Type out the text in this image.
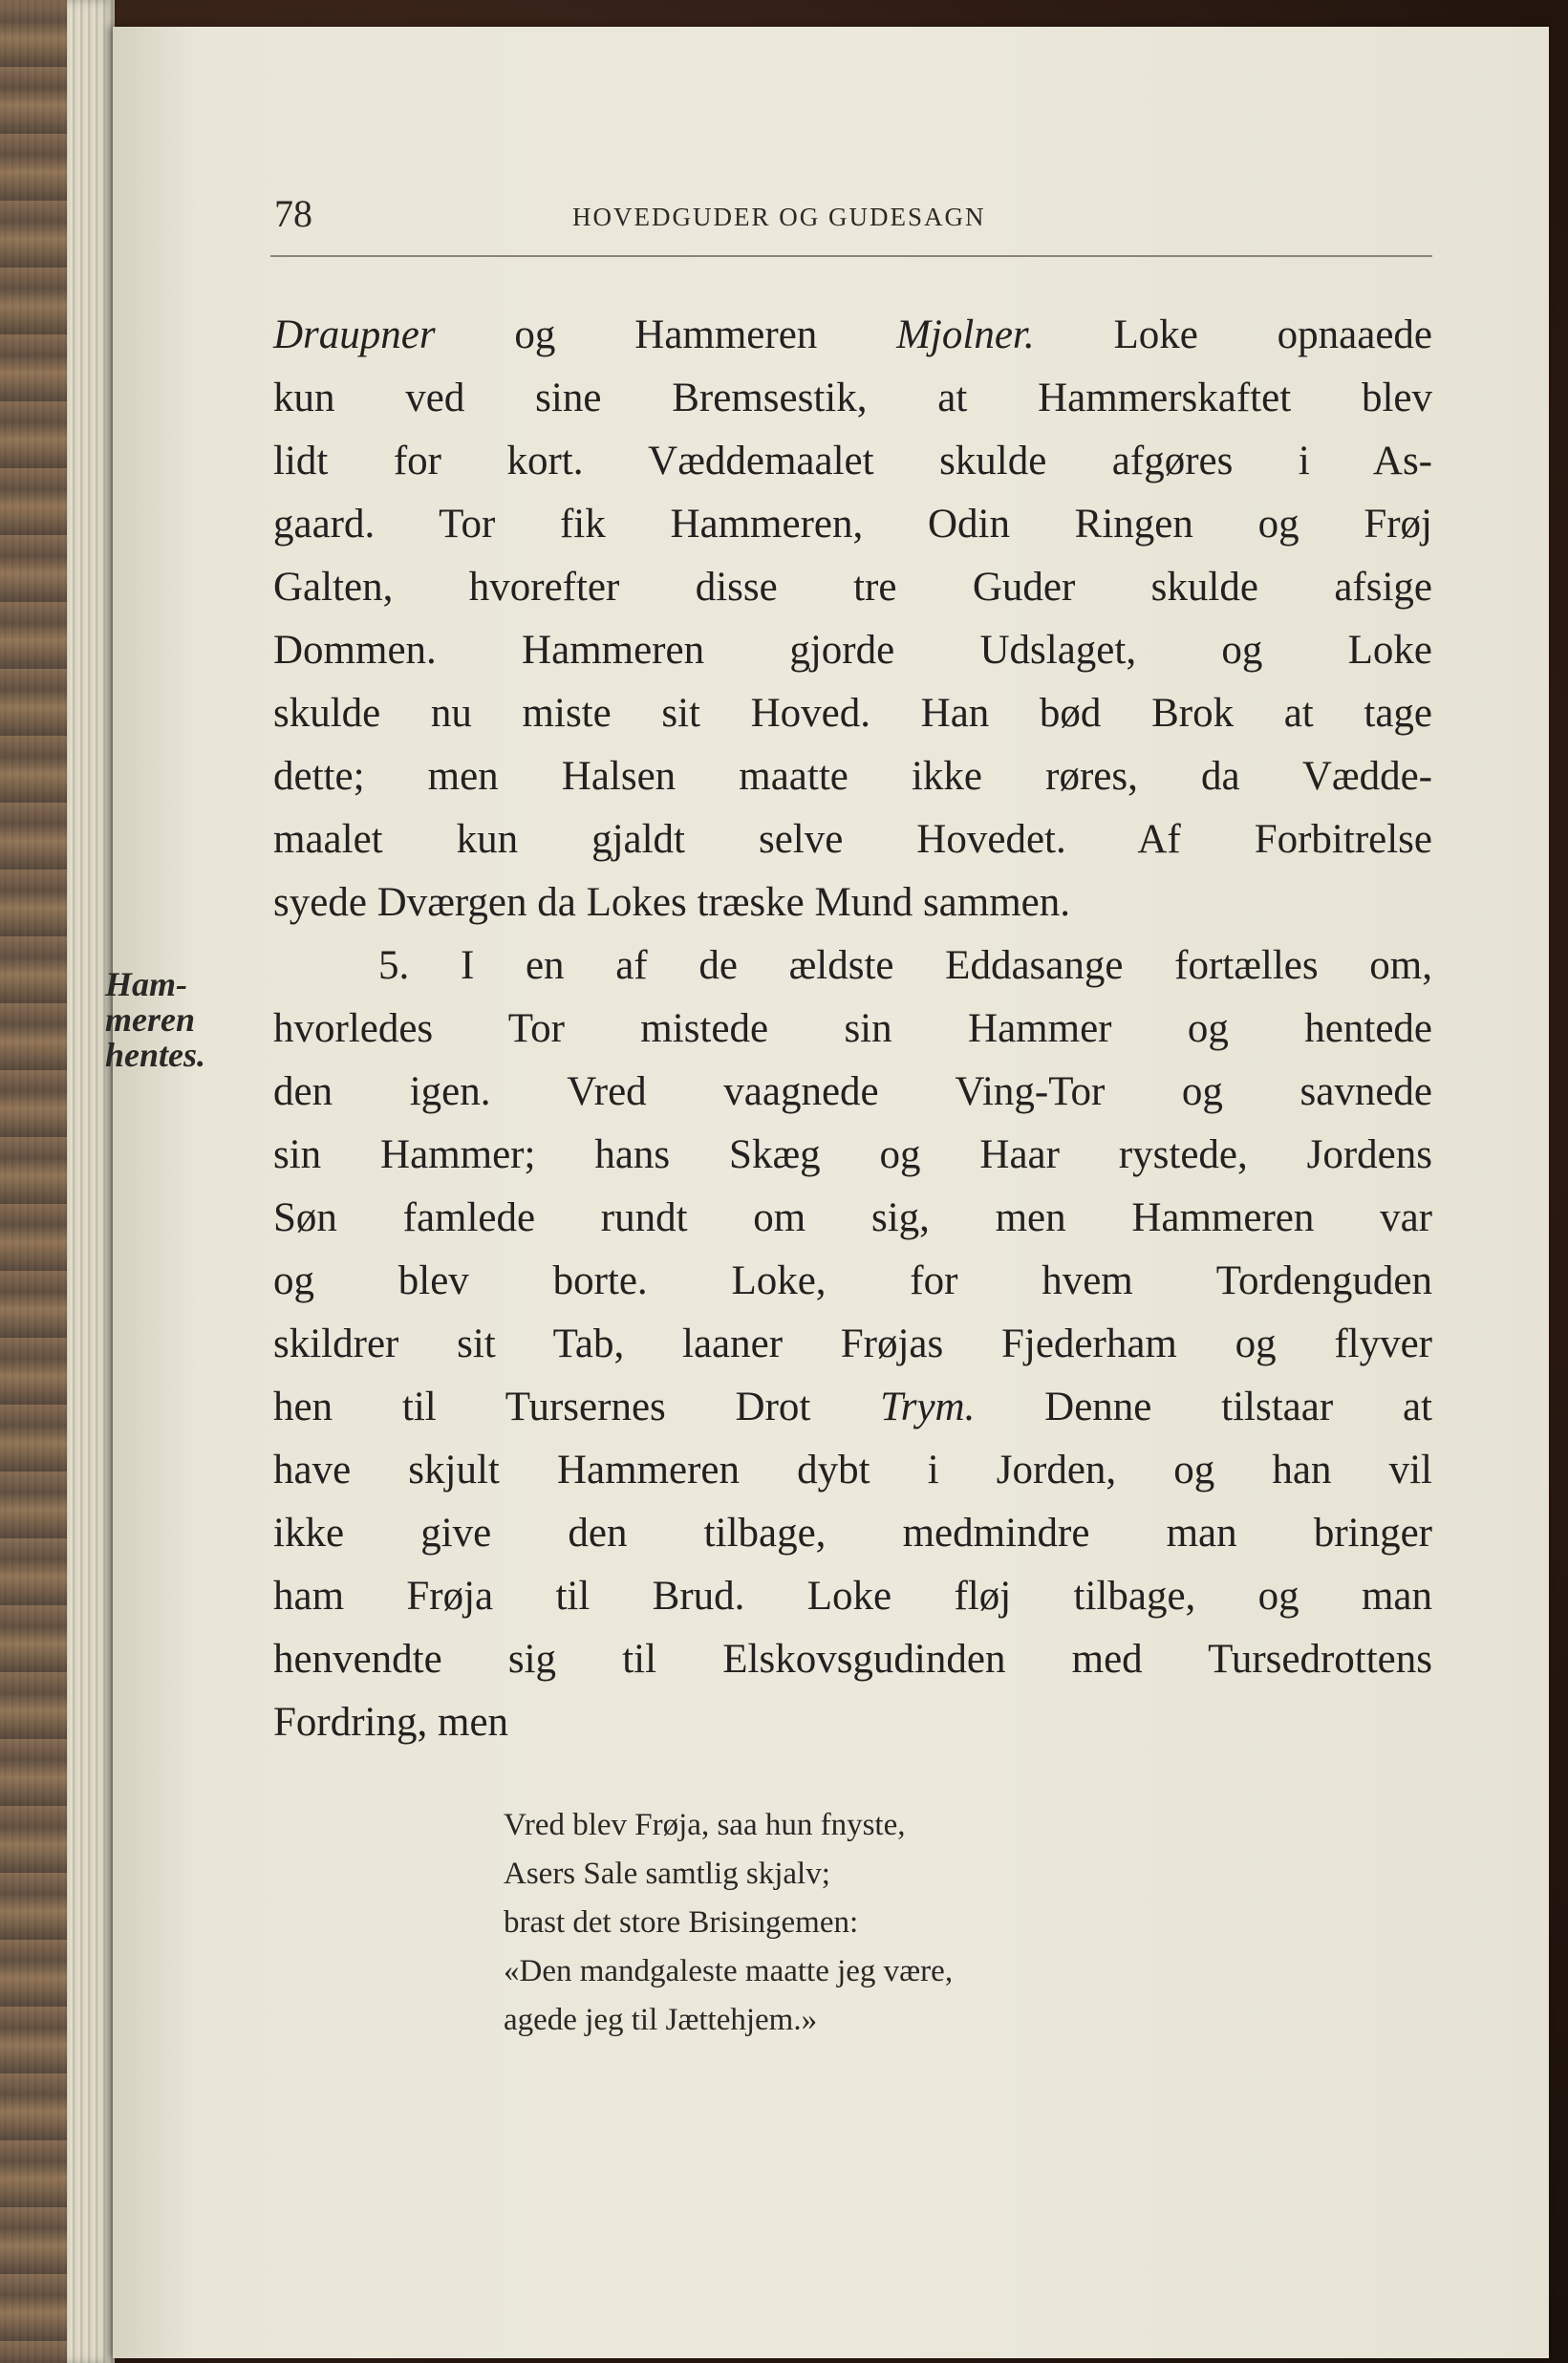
78	HOVEDGUDER OG GUDESAGN
Ham-
meren
hentes.
Draupner og Hammeren Mjolner. Loke opnaaede
kun ved sine Bremsestik, at Hammerskaftet blev
lidt for kort. Væddemaalet skulde afgøres i As-
gaard. Tor fik Hammeren, Odin Ringen og Frøj
Galten, hvorefter disse tre Guder skulde afsige
Dommen. Hammeren gjorde Udslaget, og Loke
skulde nu miste sit Hoved. Han bød Brok at tage
dette; men Halsen maatte ikke røres, da Vædde-
maalet kun gjaldt selve Hovedet. Af Forbitrelse
syede Dværgen da Lokes træske Mund sammen.
5. I en af de ældste Eddasange fortælles om,
hvorledes Tor mistede sin Hammer og hentede
den igen. Vred vaagnede Ving-Tor og savnede
sin Hammer; hans Skæg og Haar rystede, Jordens
Søn famlede rundt om sig, men Hammeren var
og blev borte. Loke, for hvem Tordenguden
skildrer sit Tab, laaner Frøjas Fjederham og flyver
hen til Tursernes Drot Trym. Denne tilstaar at
have skjult Hammeren dybt i Jorden, og han vil
ikke give den tilbage, medmindre man bringer
ham Frøja til Brud. Loke fløj tilbage, og man
henvendte sig til Elskovsgudinden med Tursedrottens
Fordring, men
Vred blev Frøja, saa hun fnyste,
Asers Sale samtlig skjalv;
brast det store Brisingemen:
«Den mandgaleste maatte jeg være,
agede jeg til Jættehjem.»
